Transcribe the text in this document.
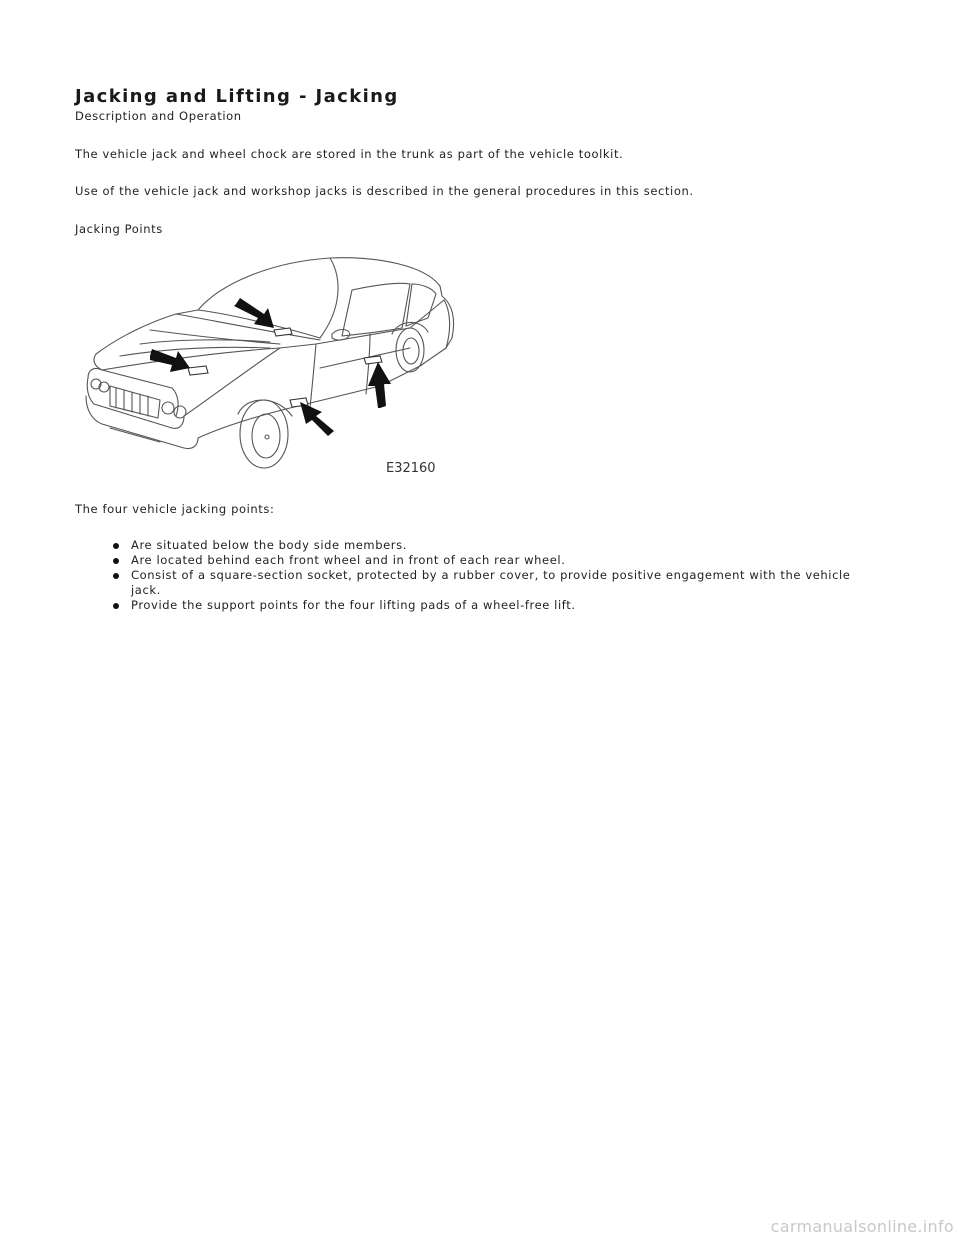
Jacking and Lifting - Jacking
Description and Operation
The vehicle jack and wheel chock are stored in the trunk as part of the vehicle toolkit.
Use of the vehicle jack and workshop jacks is described in the general procedures in this section.
Jacking Points
E32160
The four vehicle jacking points:
Are situated below the body side members.
Are located behind each front wheel and in front of each rear wheel.
Consist of a square-section socket, protected by a rubber cover, to provide positive engagement with the vehicle jack.
Provide the support points for the four lifting pads of a wheel-free lift.
carmanualsonline.info
